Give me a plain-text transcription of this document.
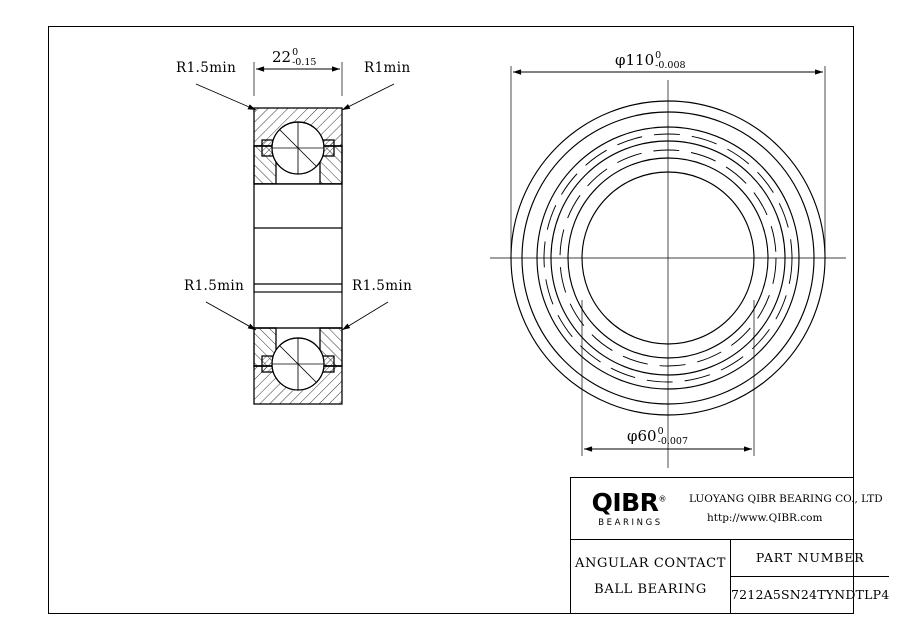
R1.5min	R1min
R1.5min	R1.5min
22 0
-0.15	φ110 0
-0.008
φ60 0
-0.007
QIBR®
BEARINGS
LUOYANG QIBR BEARING CO., LTD
http://www.QIBR.com
ANGULAR CONTACT
BALL BEARING
PART NUMBER
7212A5SN24TYNDTLP4
